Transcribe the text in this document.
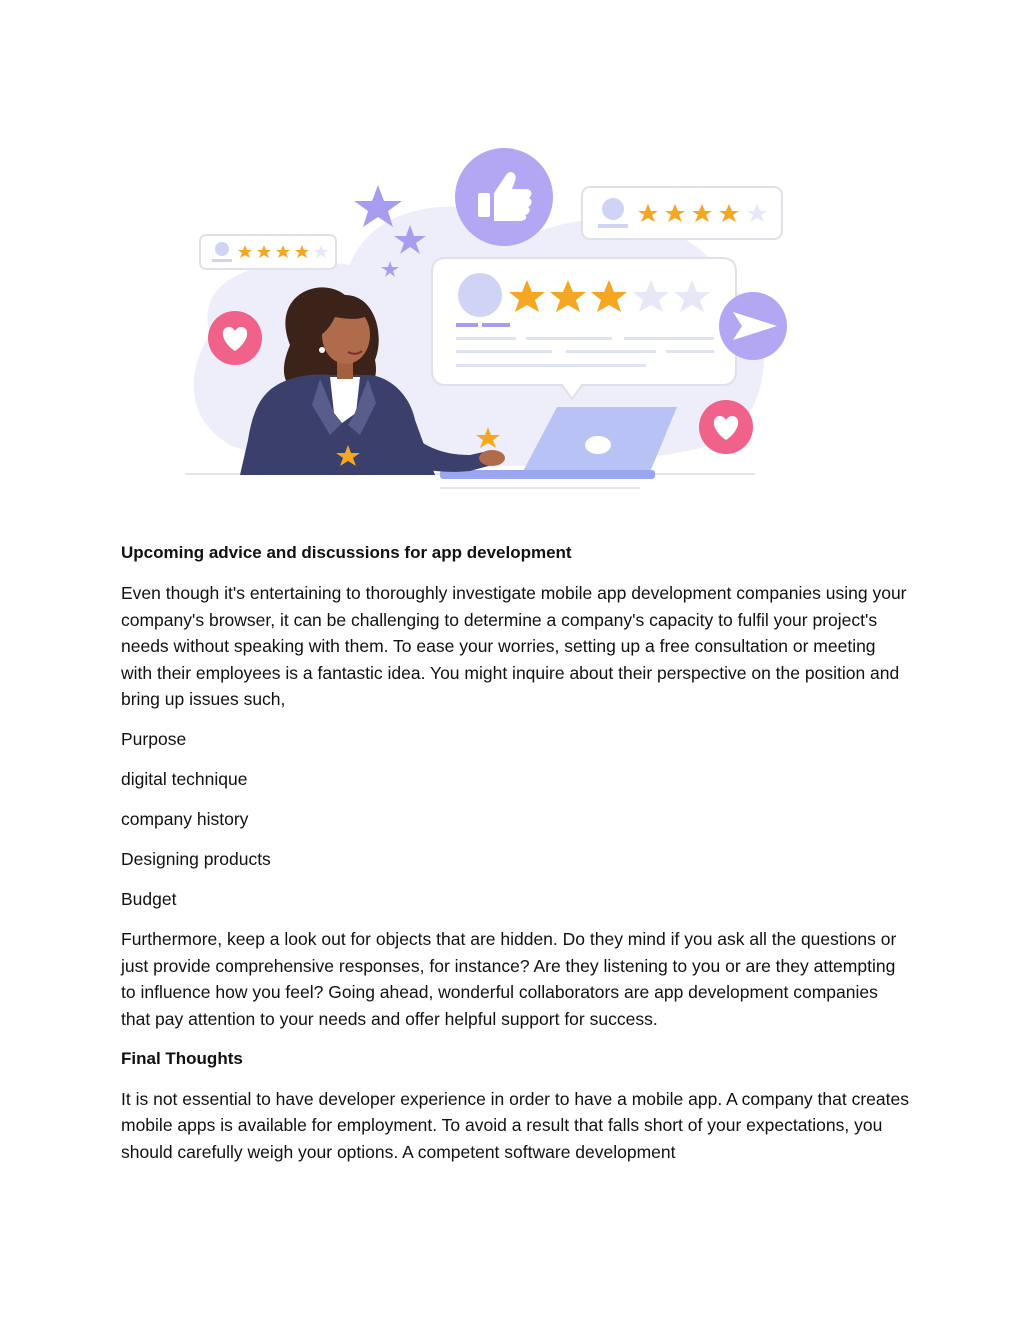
Upcoming advice and discussions for app development

Even though it's entertaining to thoroughly investigate mobile app development companies using your company's browser, it can be challenging to determine a company's capacity to fulfil your project's needs without speaking with them. To ease your worries, setting up a free consultation or meeting with their employees is a fantastic idea. You might inquire about their perspective on the position and bring up issues such,

Purpose
digital technique
company history
Designing products
Budget

Furthermore, keep a look out for objects that are hidden. Do they mind if you ask all the questions or just provide comprehensive responses, for instance? Are they listening to you or are they attempting to influence how you feel? Going ahead, wonderful collaborators are app development companies that pay attention to your needs and offer helpful support for success.

Final Thoughts

It is not essential to have developer experience in order to have a mobile app. A company that creates mobile apps is available for employment. To avoid a result that falls short of your expectations, you should carefully weigh your options. A competent software development
